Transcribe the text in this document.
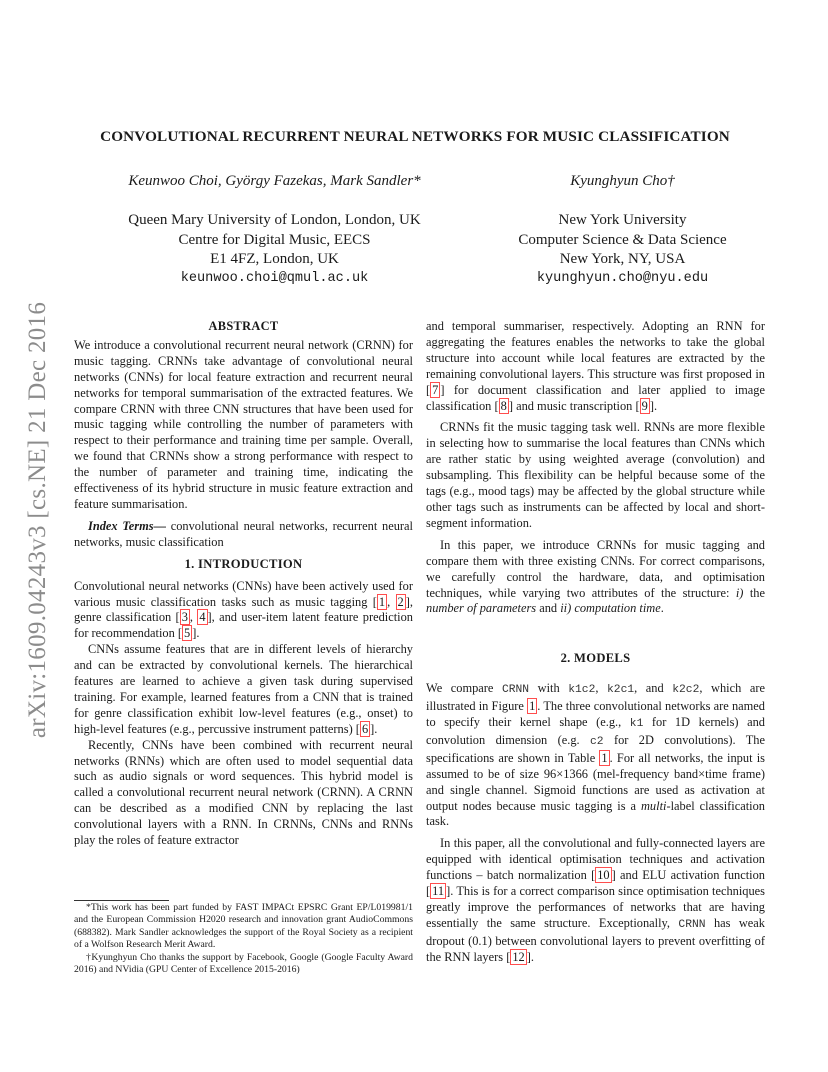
arXiv:1609.04243v3 [cs.NE] 21 Dec 2016
CONVOLUTIONAL RECURRENT NEURAL NETWORKS FOR MUSIC CLASSIFICATION
Keunwoo Choi, György Fazekas, Mark Sandler*
Queen Mary University of London, London, UK
Centre for Digital Music, EECS
E1 4FZ, London, UK
keunwoo.choi@qmul.ac.uk
Kyunghyun Cho†
New York University
Computer Science & Data Science
New York, NY, USA
kyunghyun.cho@nyu.edu
ABSTRACT

We introduce a convolutional recurrent neural network (CRNN) for music tagging. CRNNs take advantage of convolutional neural networks (CNNs) for local feature extraction and recurrent neural networks for temporal summarisation of the extracted features. We compare CRNN with three CNN structures that have been used for music tagging while controlling the number of parameters with respect to their performance and training time per sample. Overall, we found that CRNNs show a strong performance with respect to the number of parameter and training time, indicating the effectiveness of its hybrid structure in music feature extraction and feature summarisation.

Index Terms— convolutional neural networks, recurrent neural networks, music classification

1. INTRODUCTION

Convolutional neural networks (CNNs) have been actively used for various music classification tasks such as music tagging [ 1 , 2 ], genre classification [ 3 , 4 ], and user-item latent feature prediction for recommendation [ 5 ].

CNNs assume features that are in different levels of hierarchy and can be extracted by convolutional kernels. The hierarchical features are learned to achieve a given task during supervised training. For example, learned features from a CNN that is trained for genre classification exhibit low-level features (e.g., onset) to high-level features (e.g., percussive instrument patterns) [ 6 ].

Recently, CNNs have been combined with recurrent neural networks (RNNs) which are often used to model sequential data such as audio signals or word sequences. This hybrid model is called a convolutional recurrent neural network (CRNN). A CRNN can be described as a modified CNN by replacing the last convolutional layers with a RNN. In CRNNs, CNNs and RNNs play the roles of feature extractor

*This work has been part funded by FAST IMPACt EPSRC Grant EP/L019981/1 and the European Commission H2020 research and innovation grant AudioCommons (688382). Mark Sandler acknowledges the support of the Royal Society as a recipient of a Wolfson Research Merit Award.

†Kyunghyun Cho thanks the support by Facebook, Google (Google Faculty Award 2016) and NVidia (GPU Center of Excellence 2015-2016)

and temporal summariser, respectively. Adopting an RNN for aggregating the features enables the networks to take the global structure into account while local features are extracted by the remaining convolutional layers. This structure was first proposed in [ 7 ] for document classification and later applied to image classification [ 8 ] and music transcription [ 9 ].

CRNNs fit the music tagging task well. RNNs are more flexible in selecting how to summarise the local features than CNNs which are rather static by using weighted average (convolution) and subsampling. This flexibility can be helpful because some of the tags (e.g., mood tags) may be affected by the global structure while other tags such as instruments can be affected by local and short-segment information.

In this paper, we introduce CRNNs for music tagging and compare them with three existing CNNs. For correct comparisons, we carefully control the hardware, data, and optimisation techniques, while varying two attributes of the structure: i) the number of parameters and ii) computation time.

2. MODELS

We compare CRNN with k1c2, k2c1, and k2c2, which are illustrated in Figure 1 . The three convolutional networks are named to specify their kernel shape (e.g., k1 for 1D kernels) and convolution dimension (e.g. c2 for 2D convolutions). The specifications are shown in Table 1 . For all networks, the input is assumed to be of size 96×1366 (mel-frequency band×time frame) and single channel. Sigmoid functions are used as activation at output nodes because music tagging is a multi-label classification task.

In this paper, all the convolutional and fully-connected layers are equipped with identical optimisation techniques and activation functions – batch normalization [ 10 ] and ELU activation function [ 11 ]. This is for a correct comparison since optimisation techniques greatly improve the performances of networks that are having essentially the same structure. Exceptionally, CRNN has weak dropout (0.1) between convolutional layers to prevent overfitting of the RNN layers [ 12 ].
